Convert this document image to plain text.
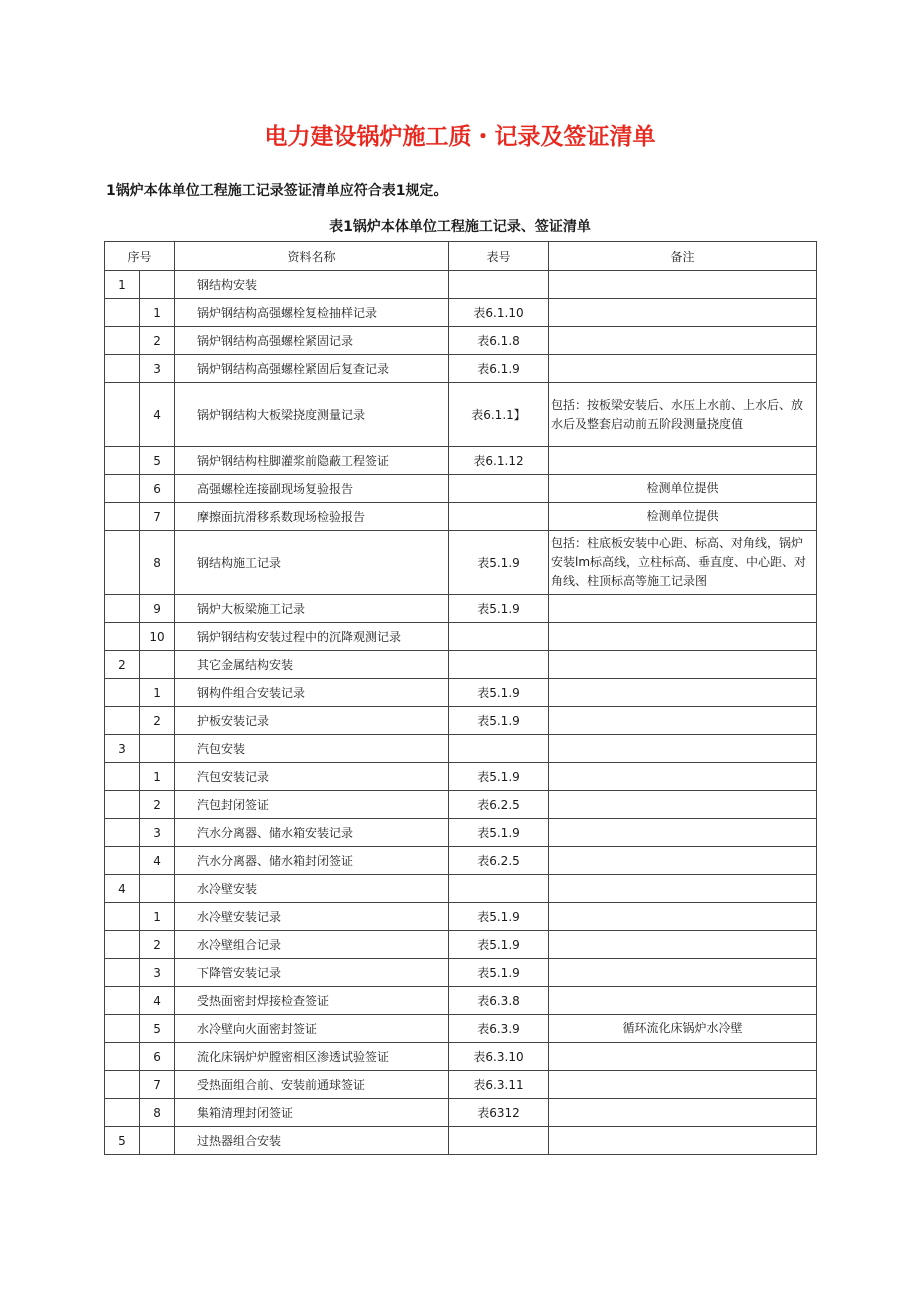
电力建设锅炉施工质・记录及签证清单
1锅炉本体单位工程施工记录签证清单应符合表1规定。
表1锅炉本体单位工程施工记录、签证清单
序号		资料名称	表号	备注
1		钢结构安装		
	1	锅炉钢结构高强螺栓复检抽样记录	表6.1.10	
	2	锅炉钢结构高强螺栓紧固记录	表6.1.8	
	3	锅炉钢结构高强螺栓紧固后复查记录	表6.1.9	
	4	锅炉钢结构大板梁挠度测量记录	表6.1.1】	包括：按板梁安装后、水压上水前、上水后、放水后及整套启动前五阶段测量挠度值
	5	锅炉钢结构柱脚灌浆前隐蔽工程签证	表6.1.12	
	6	高强螺栓连接副现场复验报告		检测单位提供
	7	摩擦面抗滑移系数现场检验报告		检测单位提供
	8	钢结构施工记录	表5.1.9	包括：柱底板安装中心距、标高、对角线，锅炉安装lm标高线，立柱标高、垂直度、中心距、对角线、柱顶标高等施工记录图
	9	锅炉大板梁施工记录	表5.1.9	
	10	锅炉钢结构安装过程中的沉降观测记录		
2		其它金属结构安装		
	1	钢构件组合安装记录	表5.1.9	
	2	护板安装记录	表5.1.9	
3		汽包安装		
	1	汽包安装记录	表5.1.9	
	2	汽包封闭签证	表6.2.5	
	3	汽水分离器、储水箱安装记录	表5.1.9	
	4	汽水分离器、储水箱封闭签证	表6.2.5	
4		水冷壁安装		
	1	水冷壁安装记录	表5.1.9	
	2	水冷壁组合记录	表5.1.9	
	3	下降管安装记录	表5.1.9	
	4	受热面密封焊接检查签证	表6.3.8	
	5	水冷壁向火面密封签证	表6.3.9	循环流化床锅炉水冷壁
	6	流化床锅炉炉膛密相区渗透试验签证	表6.3.10	
	7	受热面组合前、安装前通球签证	表6.3.11	
	8	集箱清理封闭签证	表6312	
5		过热器组合安装		
